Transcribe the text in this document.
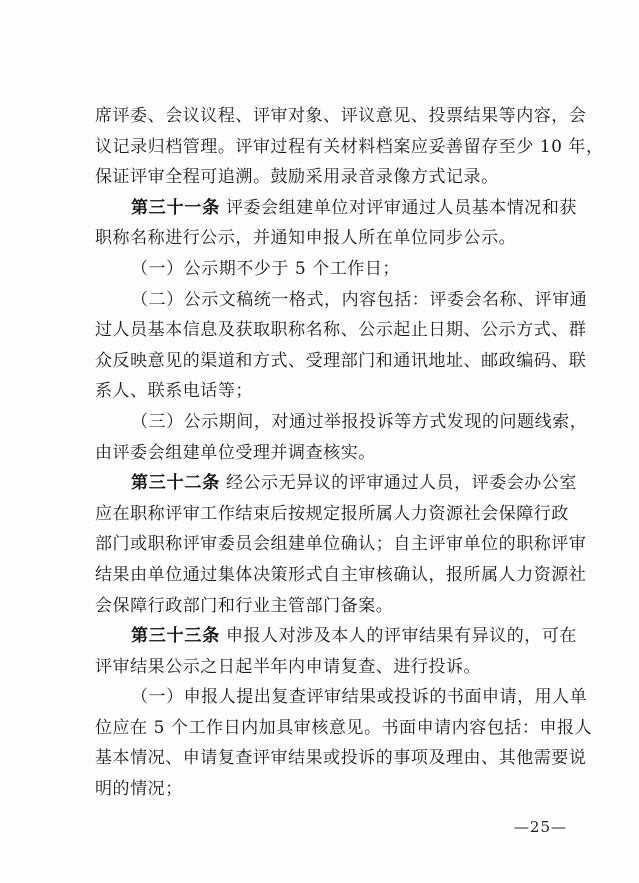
席评委、会议议程、评审对象、评议意见、投票结果等内容，会
议记录归档管理。评审过程有关材料档案应妥善留存至少 10 年，
保证评审全程可追溯。鼓励采用录音录像方式记录。
第三十一条 评委会组建单位对评审通过人员基本情况和获
职称名称进行公示，并通知申报人所在单位同步公示。
（一）公示期不少于 5 个工作日；
（二）公示文稿统一格式，内容包括：评委会名称、评审通
过人员基本信息及获取职称名称、公示起止日期、公示方式、群
众反映意见的渠道和方式、受理部门和通讯地址、邮政编码、联
系人、联系电话等；
（三）公示期间，对通过举报投诉等方式发现的问题线索，
由评委会组建单位受理并调查核实。
第三十二条 经公示无异议的评审通过人员，评委会办公室
应在职称评审工作结束后按规定报所属人力资源社会保障行政
部门或职称评审委员会组建单位确认；自主评审单位的职称评审
结果由单位通过集体决策形式自主审核确认，报所属人力资源社
会保障行政部门和行业主管部门备案。
第三十三条 申报人对涉及本人的评审结果有异议的，可在
评审结果公示之日起半年内申请复查、进行投诉。
（一）申报人提出复查评审结果或投诉的书面申请，用人单
位应在 5 个工作日内加具审核意见。书面申请内容包括：申报人
基本情况、申请复查评审结果或投诉的事项及理由、其他需要说
明的情况；
—25—
